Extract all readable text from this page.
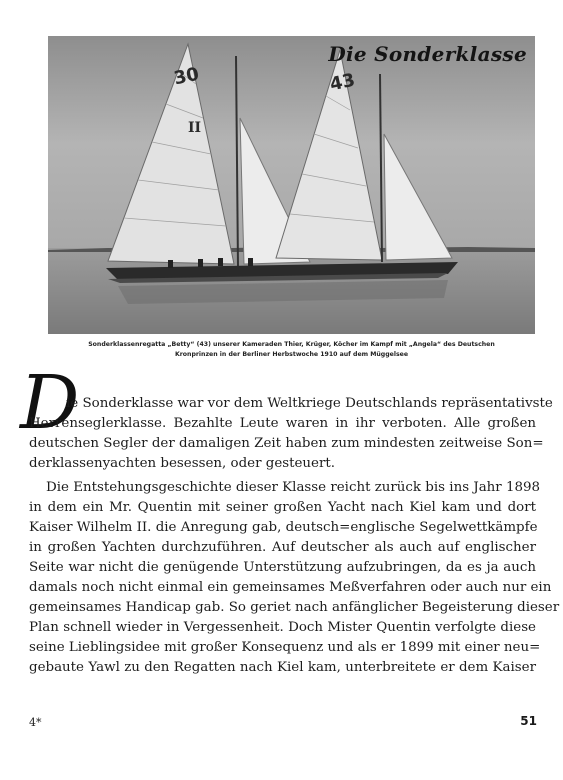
30	43
II
Die Sonderklasse
Sonderklassenregatta „Betty“ (43) unserer Kameraden Thier, Krüger, Köcher im Kampf mit „Angela“ des Deutschen
Kronprinzen in der Berliner Herbstwoche 1910 auf dem Müggelsee
D
ie Sonderklasse war vor dem Weltkriege Deutschlands repräsentativste
Herrenseglerklasse. Bezahlte Leute waren in ihr verboten. Alle großen
deutschen Segler der damaligen Zeit haben zum mindesten zeitweise Son=
derklassenyachten besessen, oder gesteuert.
Die Entstehungsgeschichte dieser Klasse reicht zurück bis ins Jahr 1898
in dem ein Mr. Quentin mit seiner großen Yacht nach Kiel kam und dort
Kaiser Wilhelm II. die Anregung gab, deutsch=englische Segelwettkämpfe
in großen Yachten durchzuführen. Auf deutscher als auch auf englischer
Seite war nicht die genügende Unterstützung aufzubringen, da es ja auch
damals noch nicht einmal ein gemeinsames Meßverfahren oder auch nur ein
gemeinsames Handicap gab. So geriet nach anfänglicher Begeisterung dieser
Plan schnell wieder in Vergessenheit. Doch Mister Quentin verfolgte diese
seine Lieblingsidee mit großer Konsequenz und als er 1899 mit einer neu=
gebaute Yawl zu den Regatten nach Kiel kam, unterbreitete er dem Kaiser
4*	51
